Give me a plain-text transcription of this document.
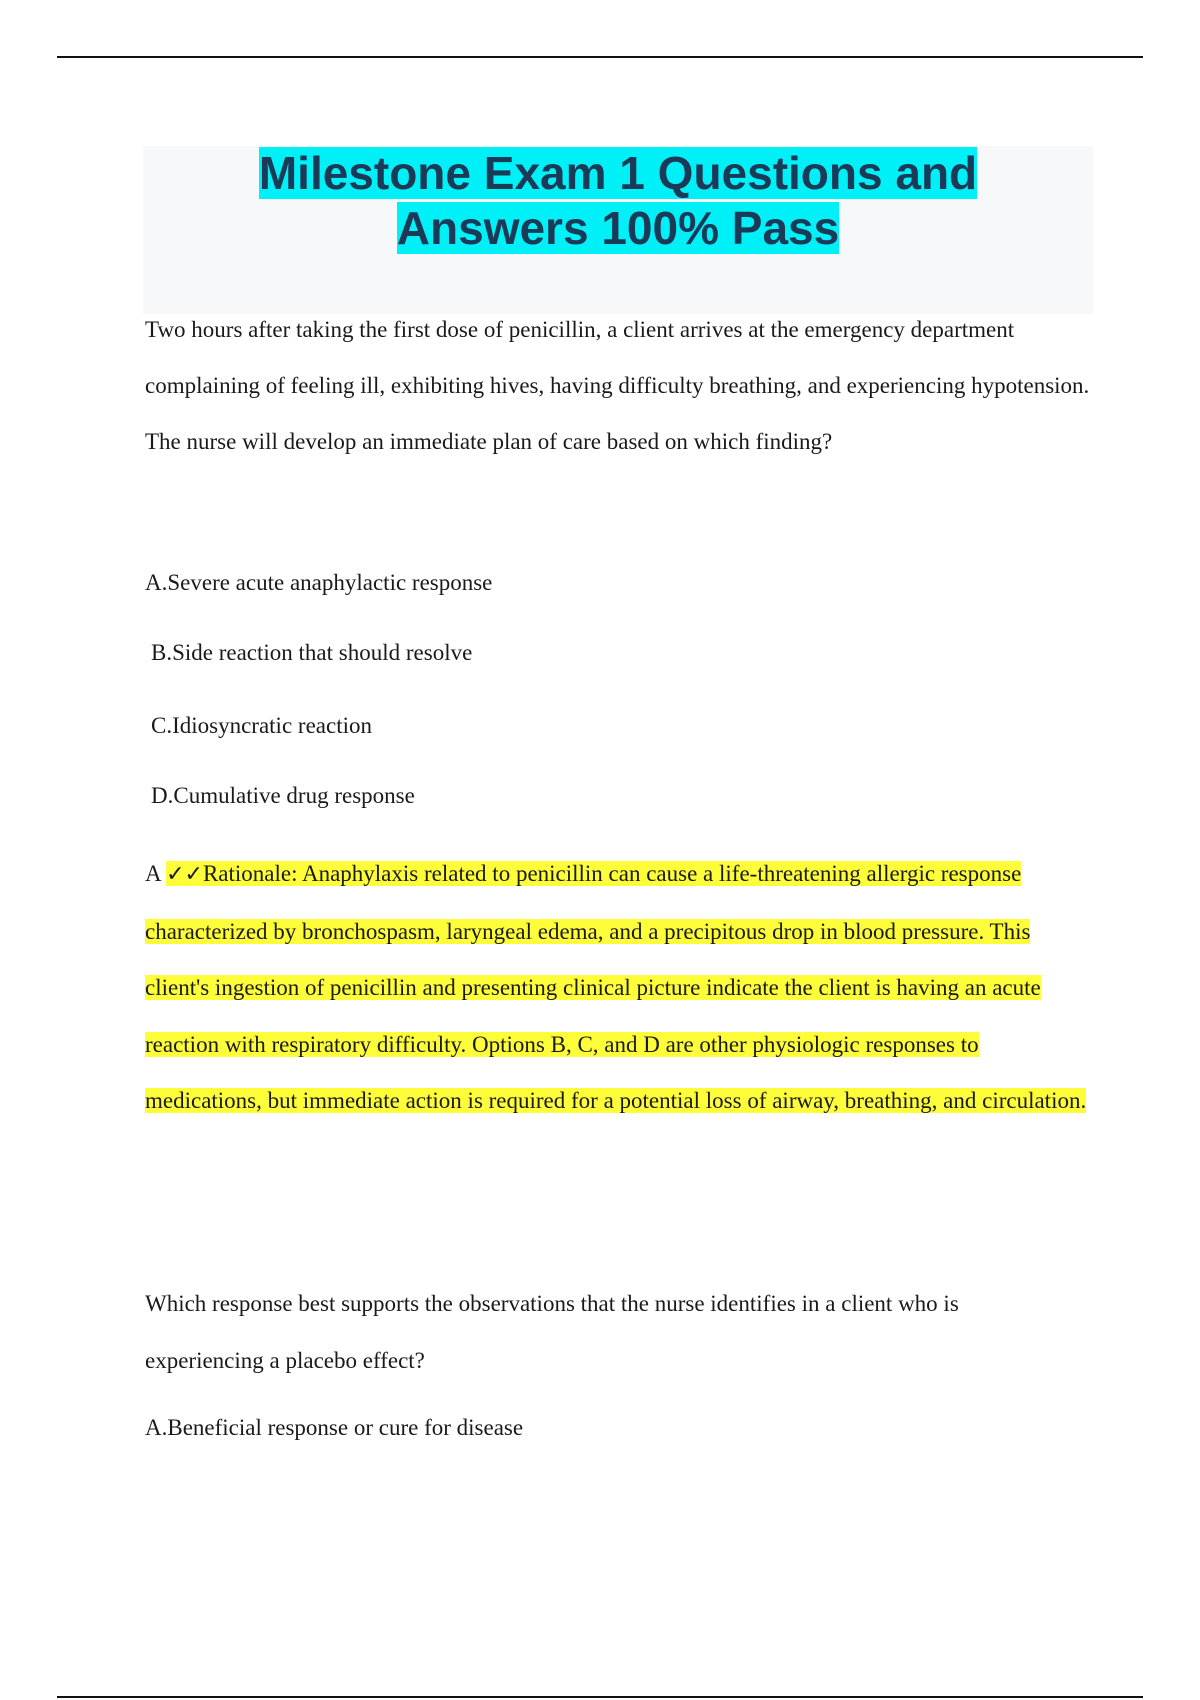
Milestone Exam 1 Questions and Answers 100% Pass

Two hours after taking the first dose of penicillin, a client arrives at the emergency department complaining of feeling ill, exhibiting hives, having difficulty breathing, and experiencing hypotension. The nurse will develop an immediate plan of care based on which finding?

A.Severe acute anaphylactic response
B.Side reaction that should resolve
C.Idiosyncratic reaction
D.Cumulative drug response

A ✓✓Rationale: Anaphylaxis related to penicillin can cause a life-threatening allergic response characterized by bronchospasm, laryngeal edema, and a precipitous drop in blood pressure. This client's ingestion of penicillin and presenting clinical picture indicate the client is having an acute reaction with respiratory difficulty. Options B, C, and D are other physiologic responses to medications, but immediate action is required for a potential loss of airway, breathing, and circulation.

Which response best supports the observations that the nurse identifies in a client who is experiencing a placebo effect?

A.Beneficial response or cure for disease
